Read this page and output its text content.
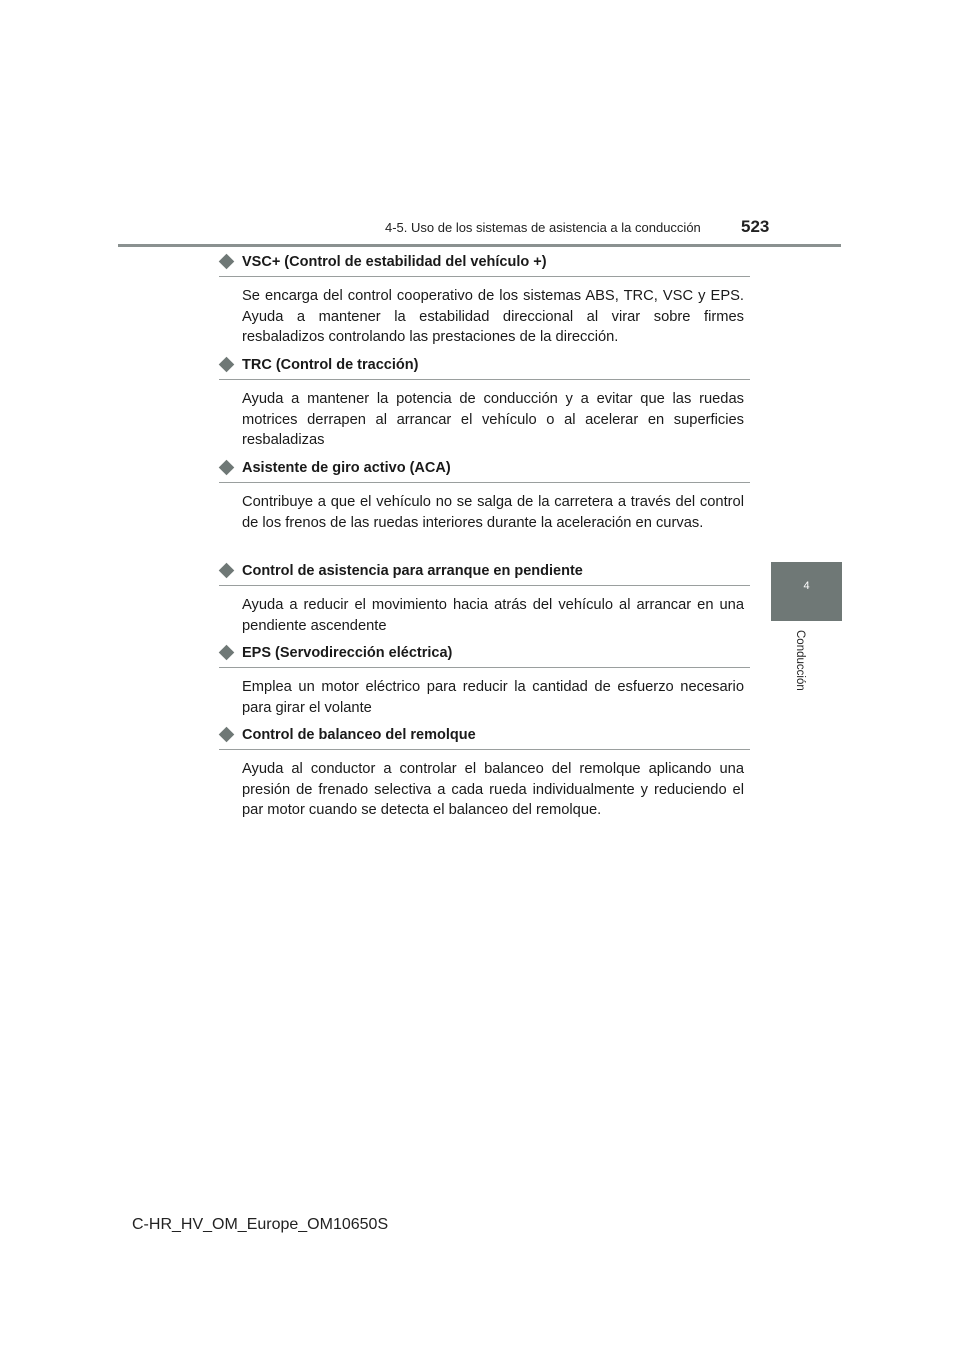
4-5. Uso de los sistemas de asistencia a la conducción 523
4
Conducción
VSC+ (Control de estabilidad del vehículo +)
Se encarga del control cooperativo de los sistemas ABS, TRC, VSC y EPS. Ayuda a mantener la estabilidad direccional al virar sobre firmes resbaladizos controlando las prestaciones de la dirección.
TRC (Control de tracción)
Ayuda a mantener la potencia de conducción y a evitar que las ruedas motrices derrapen al arrancar el vehículo o al acelerar en superficies resbaladizas
Asistente de giro activo (ACA)
Contribuye a que el vehículo no se salga de la carretera a través del control de los frenos de las ruedas interiores durante la aceleración en curvas.
Control de asistencia para arranque en pendiente
Ayuda a reducir el movimiento hacia atrás del vehículo al arrancar en una pendiente ascendente
EPS (Servodirección eléctrica)
Emplea un motor eléctrico para reducir la cantidad de esfuerzo necesario para girar el volante
Control de balanceo del remolque
Ayuda al conductor a controlar el balanceo del remolque aplicando una presión de frenado selectiva a cada rueda individualmente y reduciendo el par motor cuando se detecta el balanceo del remolque.
C-HR_HV_OM_Europe_OM10650S
